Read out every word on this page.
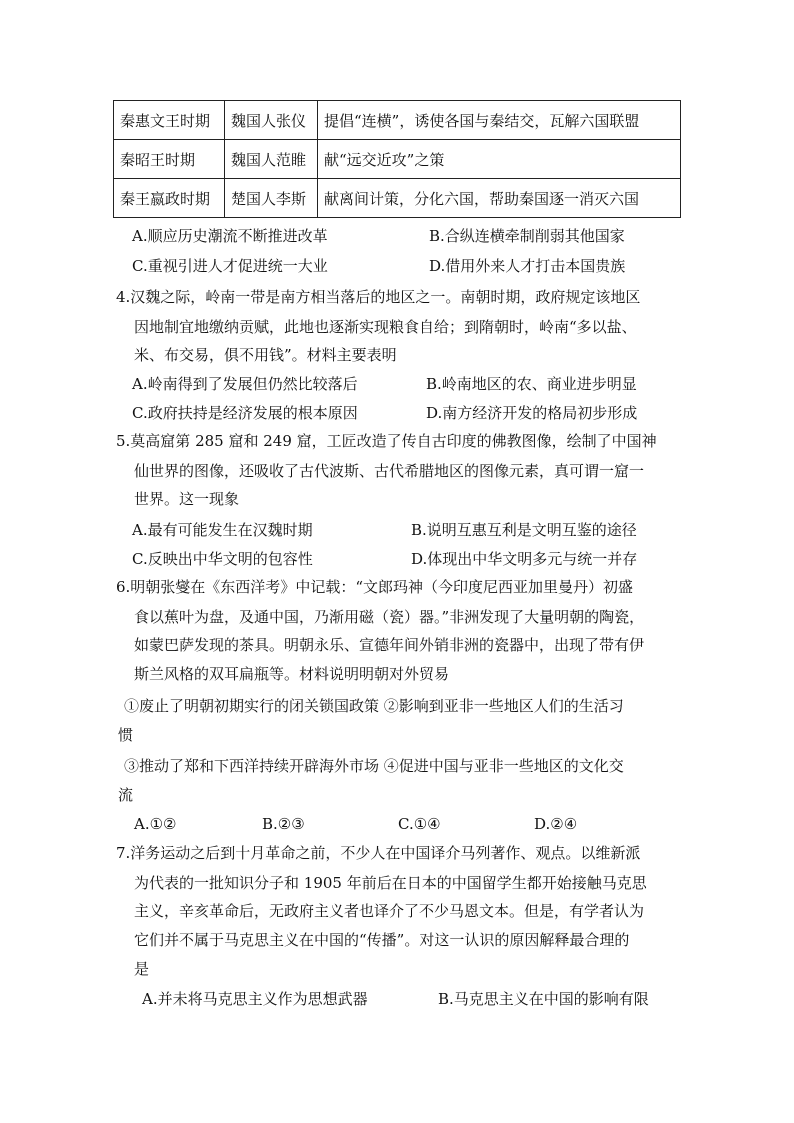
秦惠文王时期	魏国人张仪	提倡“连横”，诱使各国与秦结交，瓦解六国联盟
秦昭王时期	魏国人范睢	献“远交近攻”之策
秦王嬴政时期	楚国人李斯	献离间计策，分化六国，帮助秦国逐一消灭六国
A.顺应历史潮流不断推进改革	B.合纵连横牵制削弱其他国家
C.重视引进人才促进统一大业	D.借用外来人才打击本国贵族
4.汉魏之际，岭南一带是南方相当落后的地区之一。南朝时期，政府规定该地区
因地制宜地缴纳贡赋，此地也逐渐实现粮食自给；到隋朝时，岭南“多以盐、
米、布交易，俱不用钱”。材料主要表明
A.岭南得到了发展但仍然比较落后	B.岭南地区的农、商业进步明显
C.政府扶持是经济发展的根本原因	D.南方经济开发的格局初步形成
5.莫高窟第 285 窟和 249 窟，工匠改造了传自古印度的佛教图像，绘制了中国神
仙世界的图像，还吸收了古代波斯、古代希腊地区的图像元素，真可谓一窟一
世界。这一现象
A.最有可能发生在汉魏时期	B.说明互惠互利是文明互鉴的途径
C.反映出中华文明的包容性	D.体现出中华文明多元与统一并存
6.明朝张燮在《东西洋考》中记载：“文郎玛神（今印度尼西亚加里曼丹）初盛
食以蕉叶为盘，及通中国，乃渐用磁（瓷）器。”非洲发现了大量明朝的陶瓷，
如蒙巴萨发现的茶具。明朝永乐、宣德年间外销非洲的瓷器中，出现了带有伊
斯兰风格的双耳扁瓶等。材料说明明朝对外贸易
①废止了明朝初期实行的闭关锁国政策 ②影响到亚非一些地区人们的生活习
惯
③推动了郑和下西洋持续开辟海外市场 ④促进中国与亚非一些地区的文化交
流
A.①②	B.②③	C.①④	D.②④
7.洋务运动之后到十月革命之前，不少人在中国译介马列著作、观点。以维新派
为代表的一批知识分子和 1905 年前后在日本的中国留学生都开始接触马克思
主义，辛亥革命后，无政府主义者也译介了不少马恩文本。但是，有学者认为
它们并不属于马克思主义在中国的“传播”。对这一认识的原因解释最合理的
是
A.并未将马克思主义作为思想武器	B.马克思主义在中国的影响有限
